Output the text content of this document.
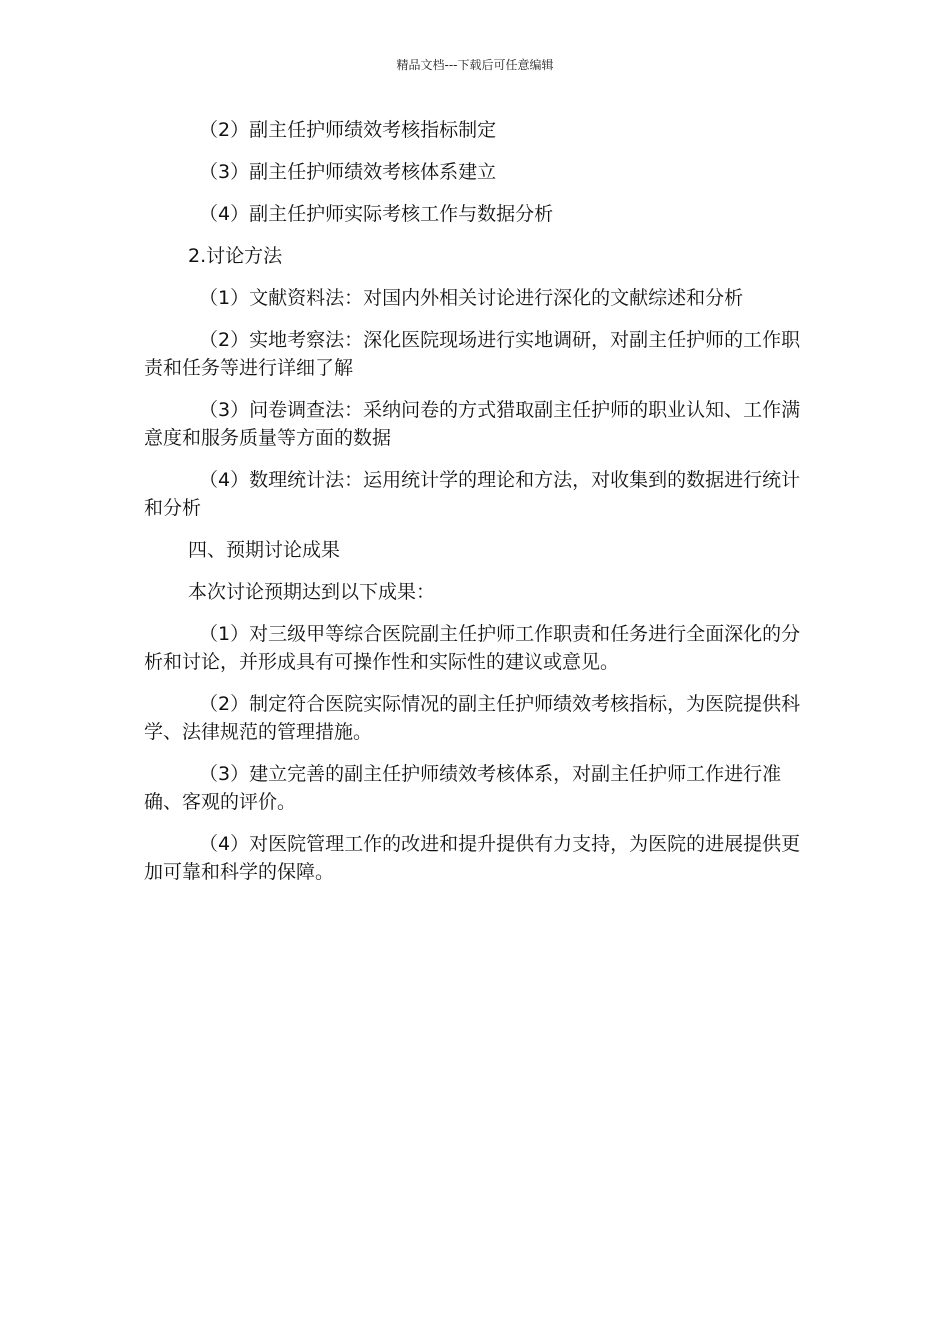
精品文档---下载后可任意编辑

（2）副主任护师绩效考核指标制定

（3）副主任护师绩效考核体系建立

（4）副主任护师实际考核工作与数据分析

2.讨论方法

（1）文献资料法：对国内外相关讨论进行深化的文献综述和分析

（2）实地考察法：深化医院现场进行实地调研，对副主任护师的工作职责和任务等进行详细了解

（3）问卷调查法：采纳问卷的方式猎取副主任护师的职业认知、工作满意度和服务质量等方面的数据

（4）数理统计法：运用统计学的理论和方法，对收集到的数据进行统计和分析

四、预期讨论成果

本次讨论预期达到以下成果：

（1）对三级甲等综合医院副主任护师工作职责和任务进行全面深化的分析和讨论，并形成具有可操作性和实际性的建议或意见。

（2）制定符合医院实际情况的副主任护师绩效考核指标，为医院提供科学、法律规范的管理措施。

（3）建立完善的副主任护师绩效考核体系，对副主任护师工作进行准确、客观的评价。

（4）对医院管理工作的改进和提升提供有力支持，为医院的进展提供更加可靠和科学的保障。
